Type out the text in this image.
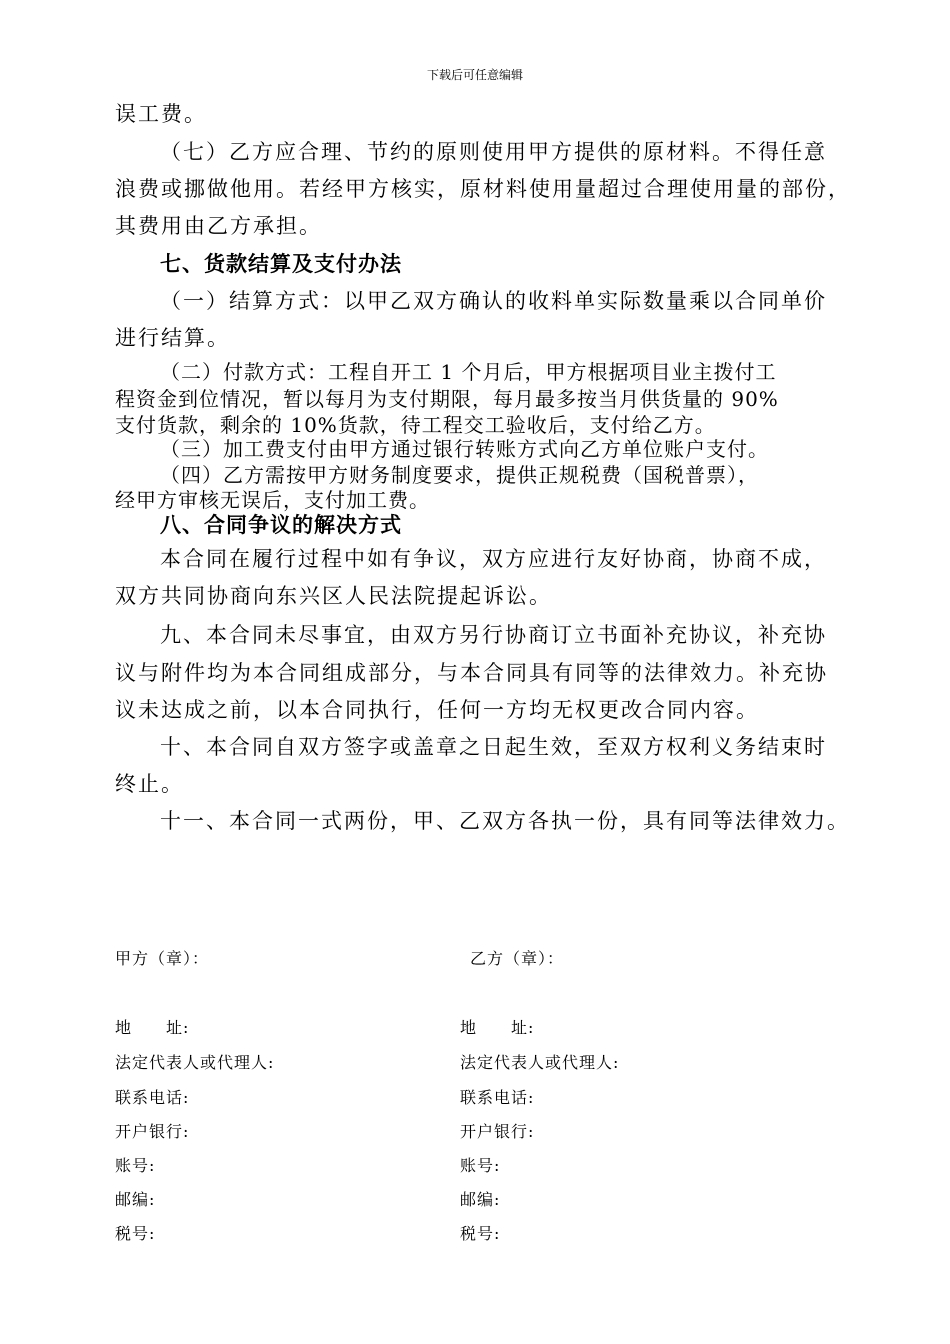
下载后可任意编辑
误工费。
（七）乙方应合理、节约的原则使用甲方提供的原材料。不得任意
浪费或挪做他用。若经甲方核实，原材料使用量超过合理使用量的部份，
其费用由乙方承担。
七、货款结算及支付办法
（一）结算方式：以甲乙双方确认的收料单实际数量乘以合同单价
进行结算。
（二）付款方式：工程自开工 1 个月后，甲方根据项目业主拨付工
程资金到位情况，暂以每月为支付期限，每月最多按当月供货量的 90%
支付货款，剩余的 10%货款，待工程交工验收后，支付给乙方。
（三）加工费支付由甲方通过银行转账方式向乙方单位账户支付。
（四）乙方需按甲方财务制度要求，提供正规税费（国税普票），
经甲方审核无误后，支付加工费。
八、合同争议的解决方式
本合同在履行过程中如有争议，双方应进行友好协商，协商不成，
双方共同协商向东兴区人民法院提起诉讼。
九、本合同未尽事宜，由双方另行协商订立书面补充协议，补充协
议与附件均为本合同组成部分，与本合同具有同等的法律效力。补充协
议未达成之前，以本合同执行，任何一方均无权更改合同内容。
十、本合同自双方签字或盖章之日起生效，至双方权利义务结束时
终止。
十一、本合同一式两份，甲、乙双方各执一份，具有同等法律效力。
甲方（章）：	乙方（章）：
地　　址:	地　　址:
法定代表人或代理人:	法定代表人或代理人:
联系电话:	联系电话:
开户银行:	开户银行:
账号:	账号:
邮编:	邮编:
税号:	税号:
